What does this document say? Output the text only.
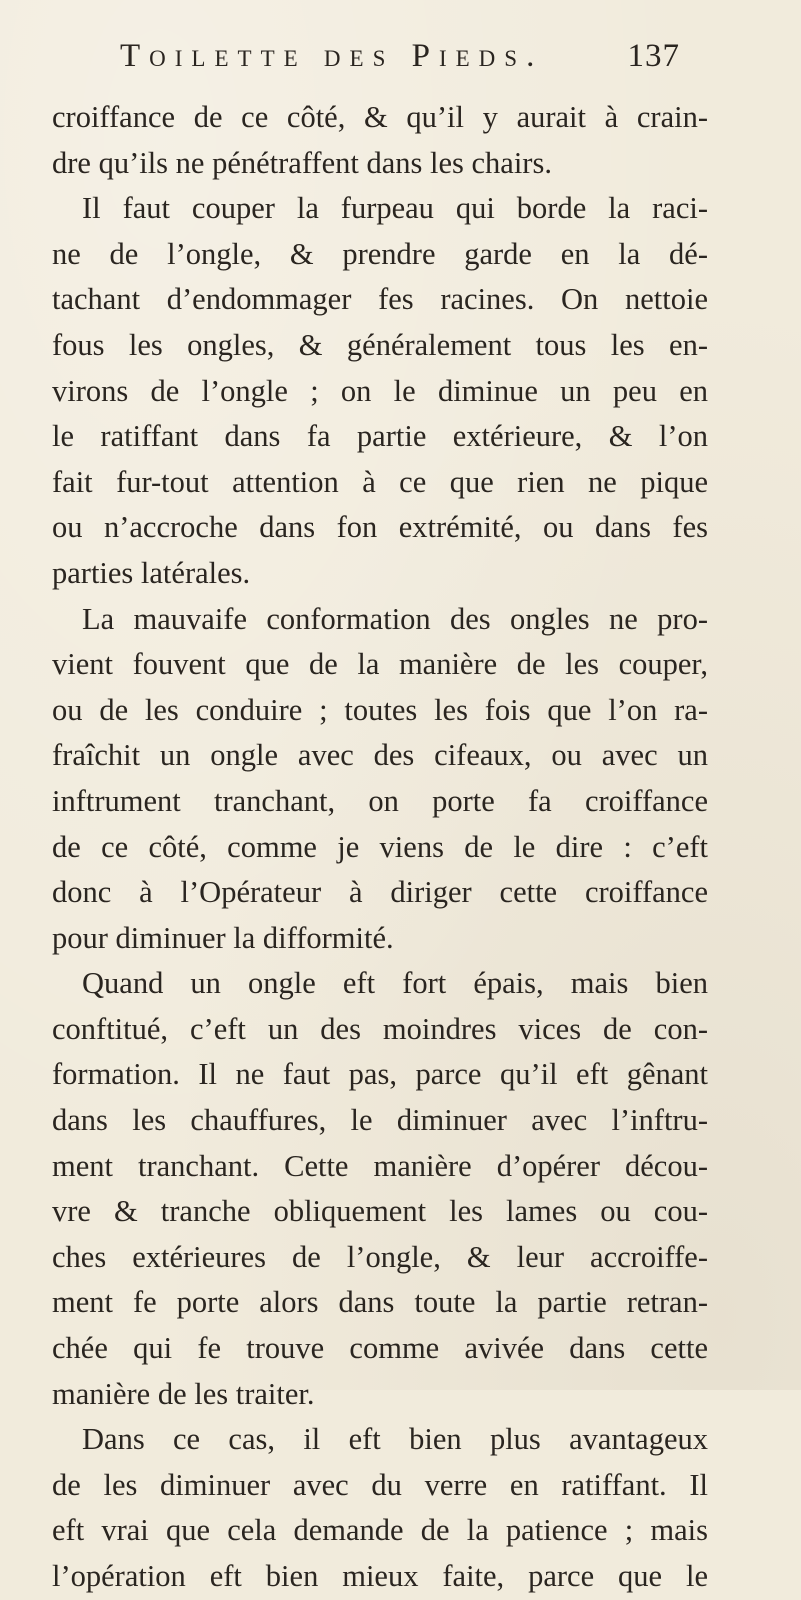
Toilette des Pieds.	137
croiffance de ce côté, & qu’il y aurait à crain-
dre qu’ils ne pénétraffent dans les chairs.
Il faut couper la furpeau qui borde la raci-
ne de l’ongle, & prendre garde en la dé-
tachant d’endommager fes racines. On nettoie
fous les ongles, & généralement tous les en-
virons de l’ongle ; on le diminue un peu en
le ratiffant dans fa partie extérieure, & l’on
fait fur-tout attention à ce que rien ne pique
ou n’accroche dans fon extrémité, ou dans fes
parties latérales.
La mauvaife conformation des ongles ne pro-
vient fouvent que de la manière de les couper,
ou de les conduire ; toutes les fois que l’on ra-
fraîchit un ongle avec des cifeaux, ou avec un
inftrument tranchant, on porte fa croiffance
de ce côté, comme je viens de le dire : c’eft
donc à l’Opérateur à diriger cette croiffance
pour diminuer la difformité.
Quand un ongle eft fort épais, mais bien
conftitué, c’eft un des moindres vices de con-
formation. Il ne faut pas, parce qu’il eft gênant
dans les chauffures, le diminuer avec l’inftru-
ment tranchant. Cette manière d’opérer décou-
vre & tranche obliquement les lames ou cou-
ches extérieures de l’ongle, & leur accroiffe-
ment fe porte alors dans toute la partie retran-
chée qui fe trouve comme avivée dans cette
manière de les traiter.
Dans ce cas, il eft bien plus avantageux
de les diminuer avec du verre en ratiffant. Il
eft vrai que cela demande de la patience ; mais
l’opération eft bien mieux faite, parce que le
